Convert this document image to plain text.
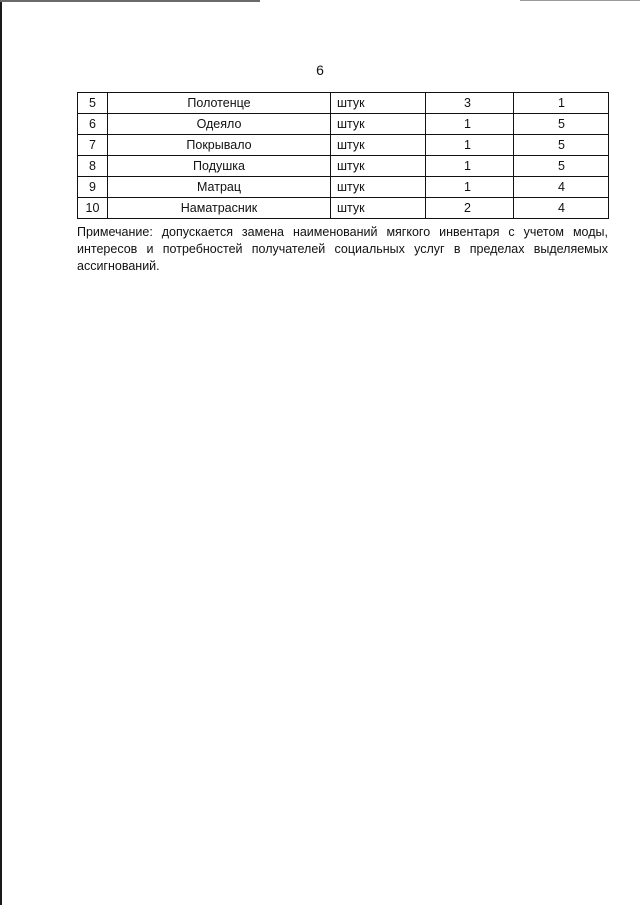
6
5	Полотенце	штук	3	1
6	Одеяло	штук	1	5
7	Покрывало	штук	1	5
8	Подушка	штук	1	5
9	Матрац	штук	1	4
10	Наматрасник	штук	2	4
Примечание: допускается замена наименований мягкого инвентаря с учетом моды, интересов и потребностей получателей социальных услуг в пределах выделяемых ассигнований.
